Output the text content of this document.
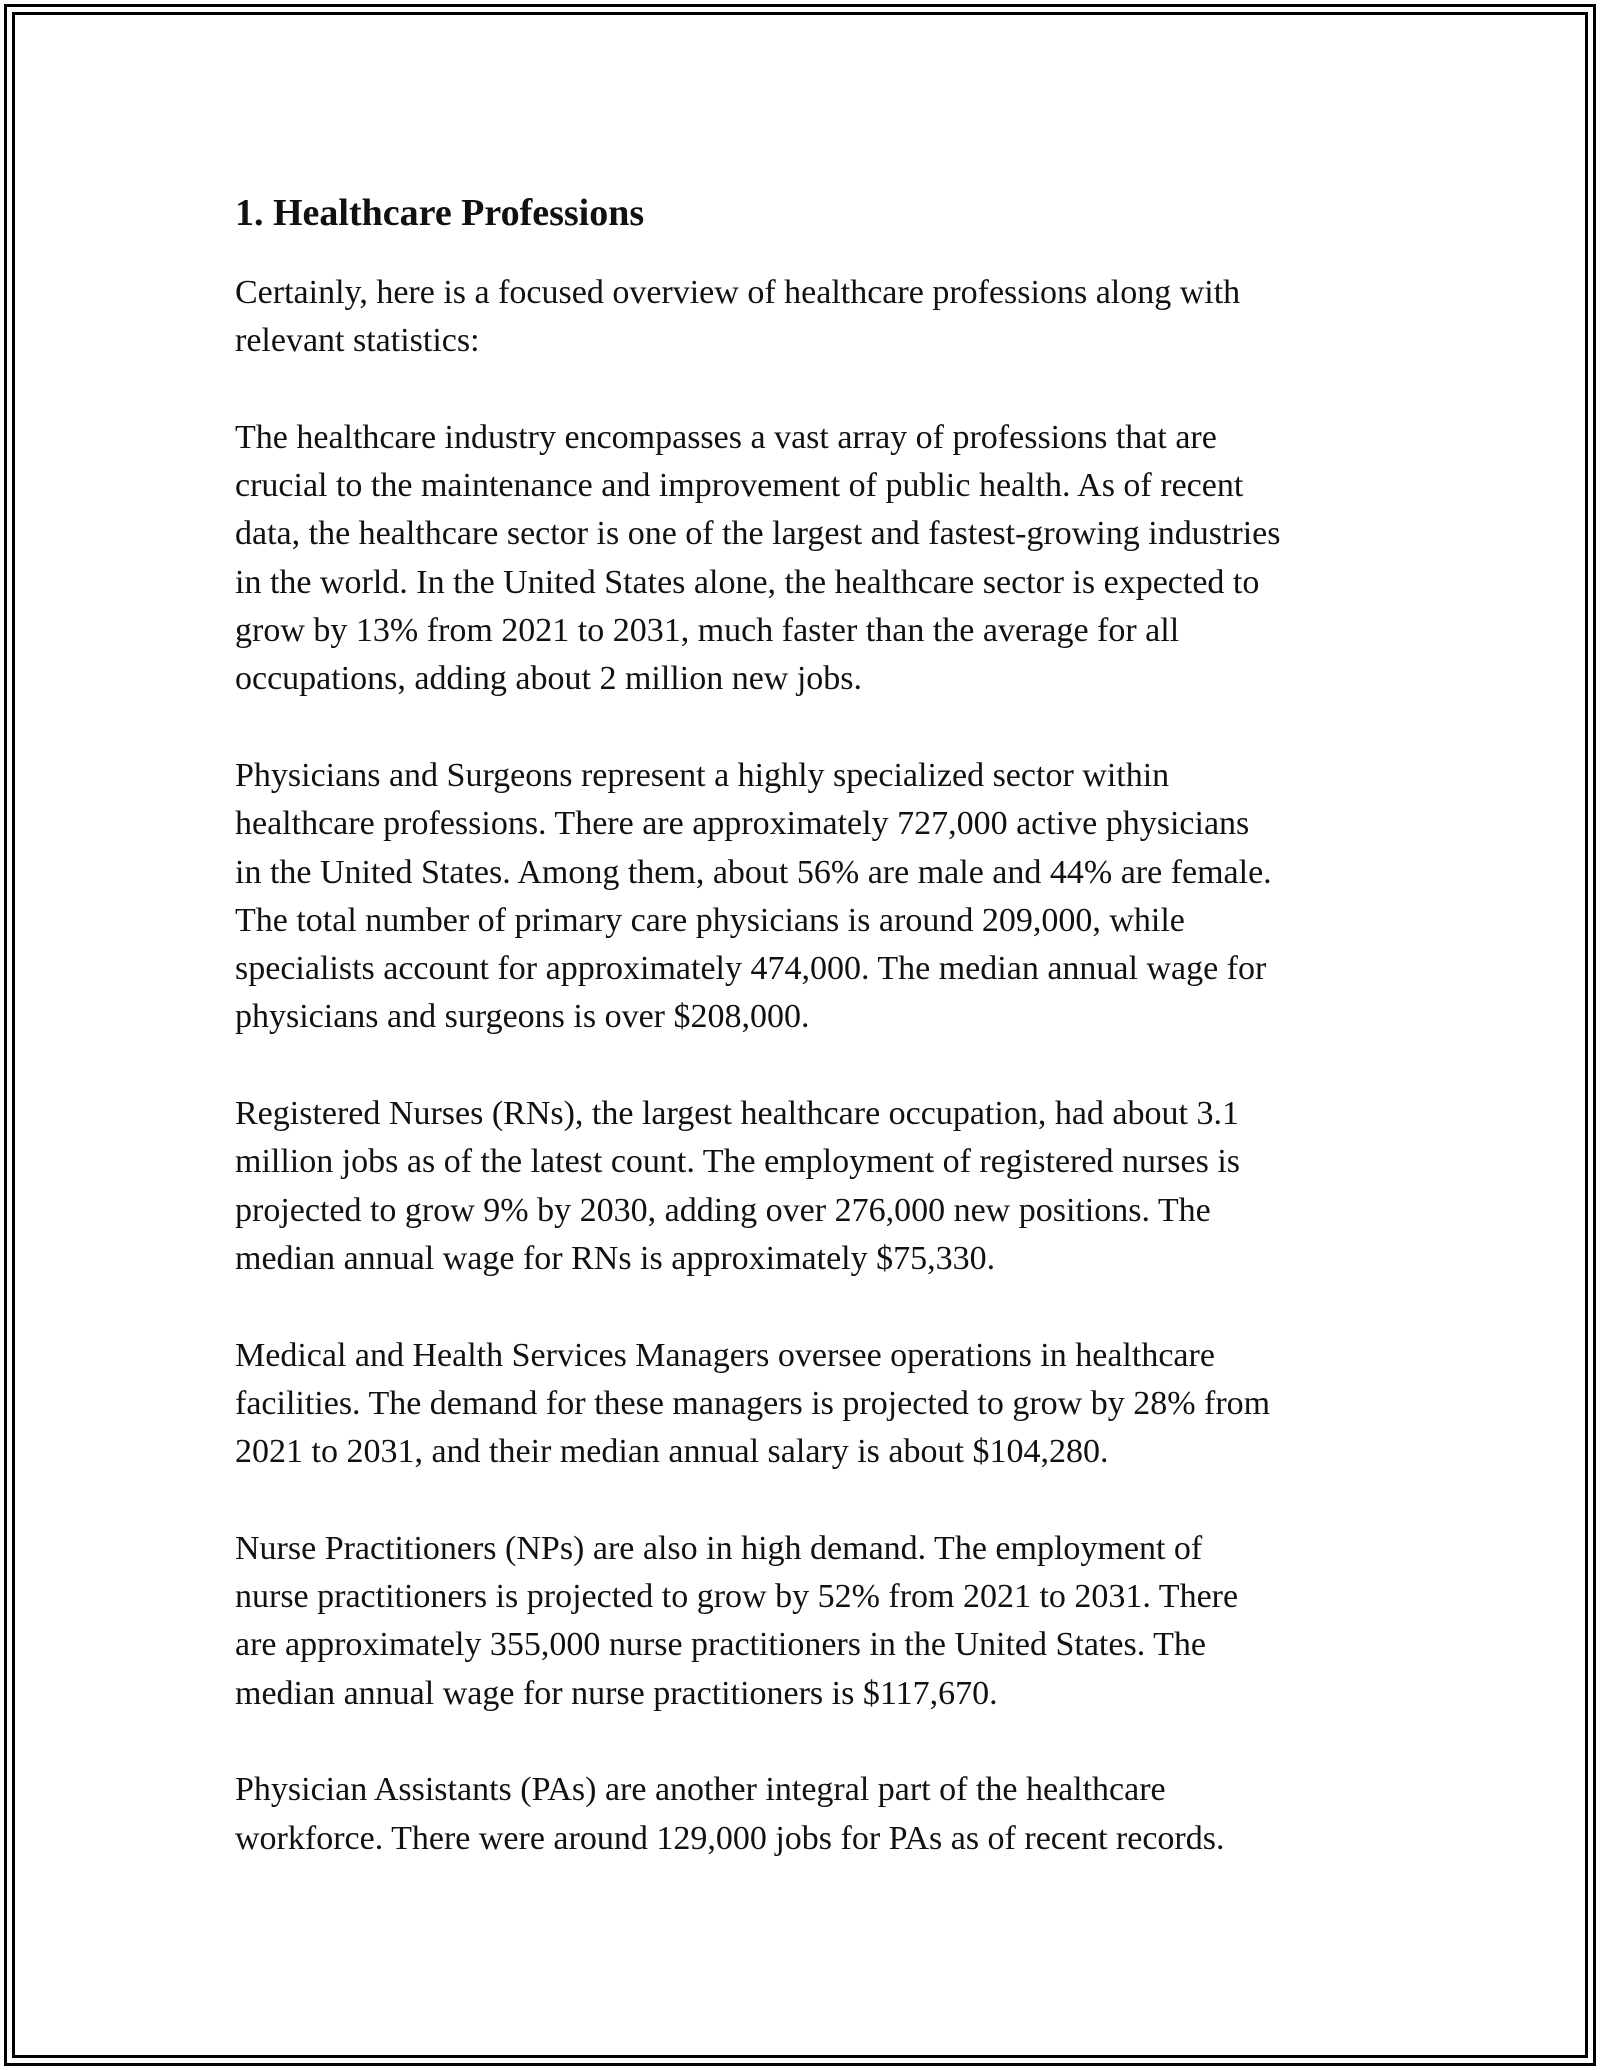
1. Healthcare Professions

Certainly, here is a focused overview of healthcare professions along with
relevant statistics:

The healthcare industry encompasses a vast array of professions that are
crucial to the maintenance and improvement of public health. As of recent
data, the healthcare sector is one of the largest and fastest-growing industries
in the world. In the United States alone, the healthcare sector is expected to
grow by 13% from 2021 to 2031, much faster than the average for all
occupations, adding about 2 million new jobs.

Physicians and Surgeons represent a highly specialized sector within
healthcare professions. There are approximately 727,000 active physicians
in the United States. Among them, about 56% are male and 44% are female.
The total number of primary care physicians is around 209,000, while
specialists account for approximately 474,000. The median annual wage for
physicians and surgeons is over $208,000.

Registered Nurses (RNs), the largest healthcare occupation, had about 3.1
million jobs as of the latest count. The employment of registered nurses is
projected to grow 9% by 2030, adding over 276,000 new positions. The
median annual wage for RNs is approximately $75,330.

Medical and Health Services Managers oversee operations in healthcare
facilities. The demand for these managers is projected to grow by 28% from
2021 to 2031, and their median annual salary is about $104,280.

Nurse Practitioners (NPs) are also in high demand. The employment of
nurse practitioners is projected to grow by 52% from 2021 to 2031. There
are approximately 355,000 nurse practitioners in the United States. The
median annual wage for nurse practitioners is $117,670.

Physician Assistants (PAs) are another integral part of the healthcare
workforce. There were around 129,000 jobs for PAs as of recent records.
